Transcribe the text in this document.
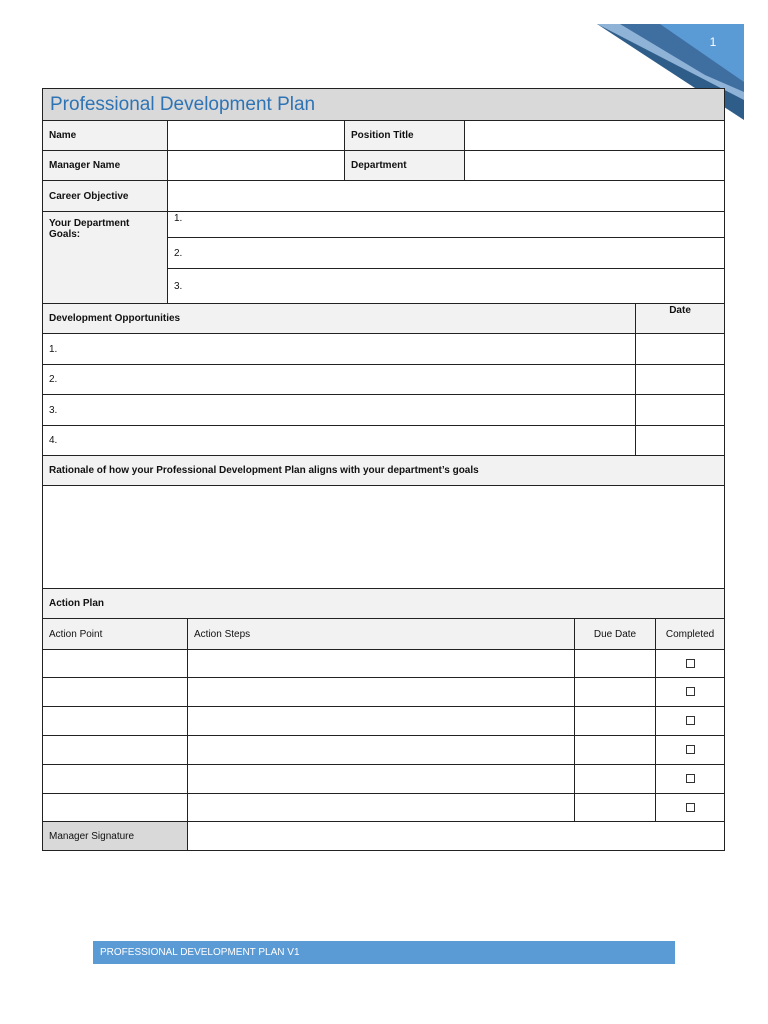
1
Professional Development Plan							
Name			Position Title				
Manager Name			Department				
Career Objective							
Your Department Goals:	1.						
	2.						
	3.						
Development Opportunities						Date	
1.							
2.							
3.							
4.							
Rationale of how your Professional Development Plan aligns with your department’s goals							

Action Plan							
Action Point		Action Steps			Due Date		Completed

Manager Signature							
PROFESSIONAL DEVELOPMENT PLAN V1
